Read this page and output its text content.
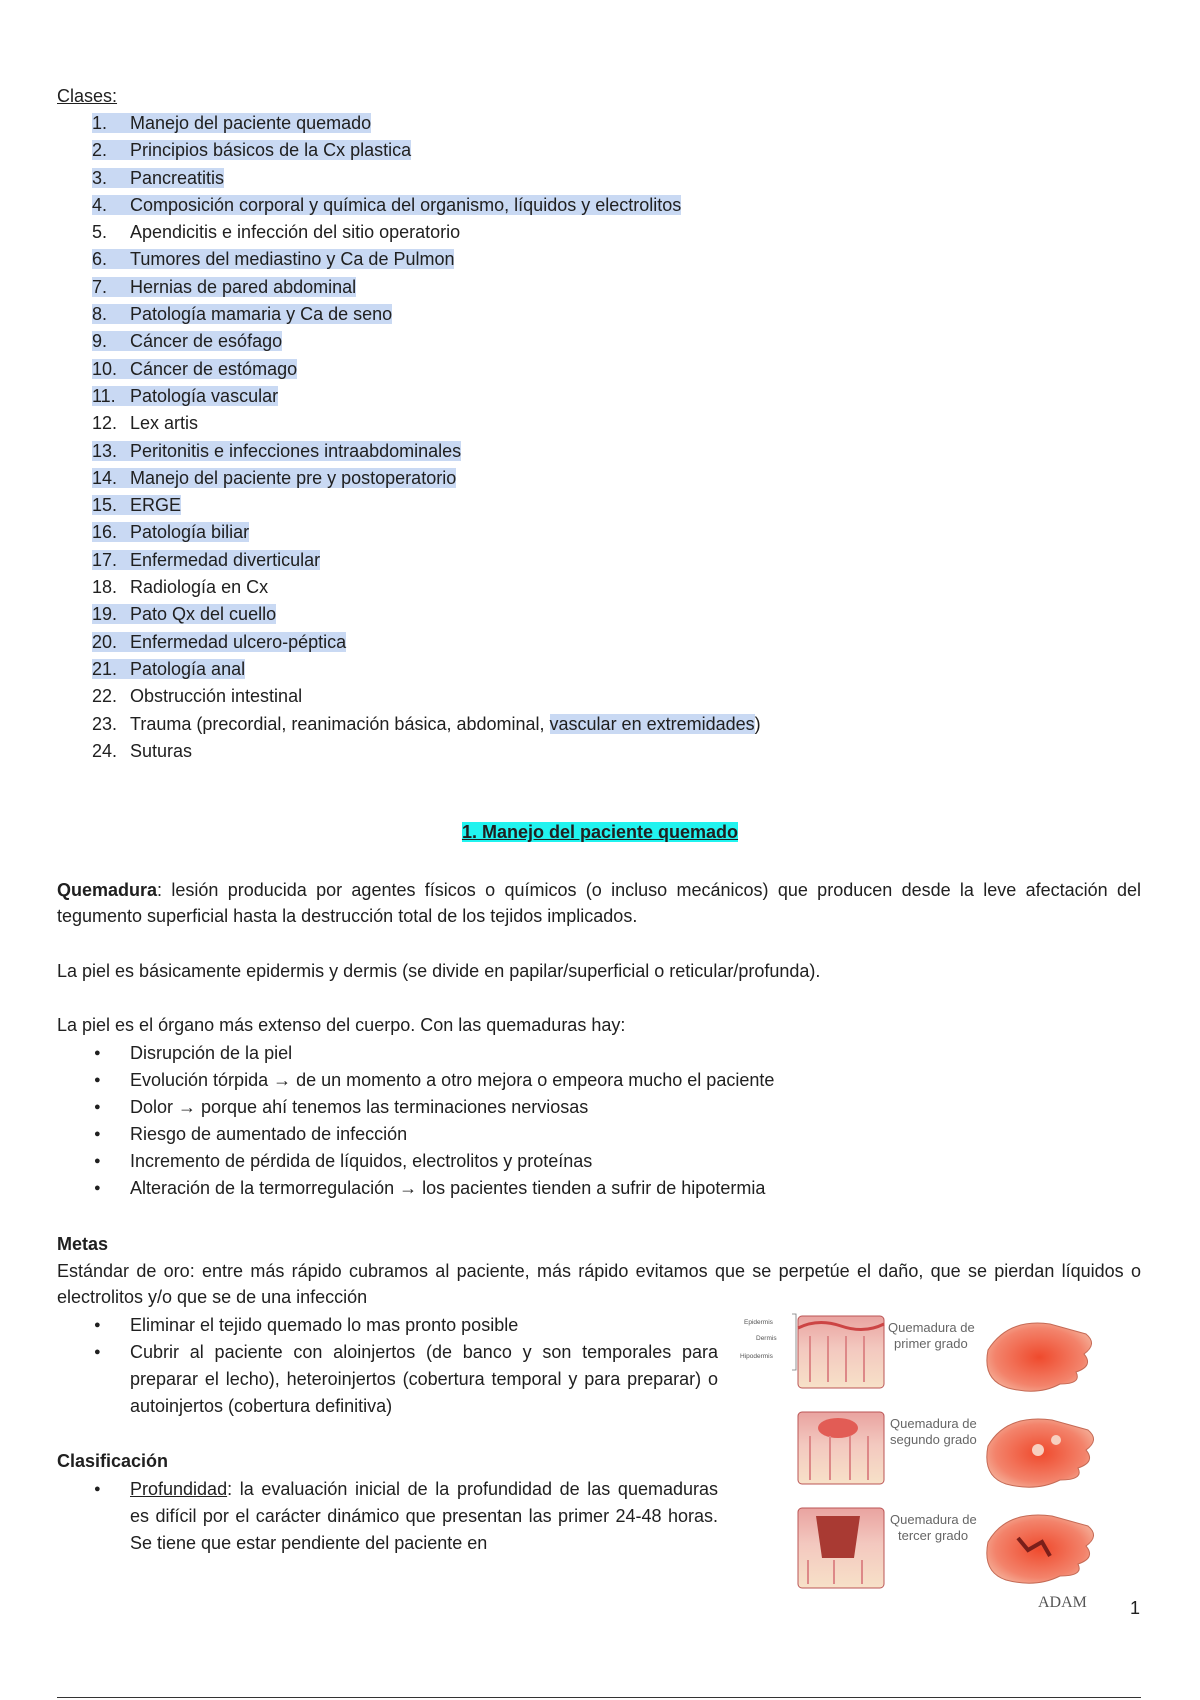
Clases:
1. Manejo del paciente quemado
2. Principios básicos de la Cx plastica
3. Pancreatitis
4. Composición corporal y química del organismo, líquidos y electrolitos
5. Apendicitis e infección del sitio operatorio
6. Tumores del mediastino y Ca de Pulmon
7. Hernias de pared abdominal
8. Patología mamaria y Ca de seno
9. Cáncer de esófago
10. Cáncer de estómago
11. Patología vascular
12. Lex artis
13. Peritonitis e infecciones intraabdominales
14. Manejo del paciente pre y postoperatorio
15. ERGE
16. Patología biliar
17. Enfermedad diverticular
18. Radiología en Cx
19. Pato Qx del cuello
20. Enfermedad ulcero-péptica
21. Patología anal
22. Obstrucción intestinal
23. Trauma (precordial, reanimación básica, abdominal, vascular en extremidades)
24. Suturas
1. Manejo del paciente quemado

Quemadura: lesión producida por agentes físicos o químicos (o incluso mecánicos) que producen desde la leve afectación del tegumento superficial hasta la destrucción total de los tejidos implicados.

La piel es básicamente epidermis y dermis (se divide en papilar/superficial o reticular/profunda).

La piel es el órgano más extenso del cuerpo. Con las quemaduras hay:

● Disrupción de la piel
● Evolución tórpida → de un momento a otro mejora o empeora mucho el paciente
● Dolor → porque ahí tenemos las terminaciones nerviosas
● Riesgo de aumentado de infección
● Incremento de pérdida de líquidos, electrolitos y proteínas
● Alteración de la termorregulación → los pacientes tienden a sufrir de hipotermia

Metas

Estándar de oro: entre más rápido cubramos al paciente, más rápido evitamos que se perpetúe el daño, que se pierdan líquidos o electrolitos y/o que se de una infección

● Eliminar el tejido quemado lo mas pronto posible
● Cubrir al paciente con aloinjertos (de banco y son temporales para preparar el lecho), heteroinjertos (cobertura temporal y para preparar) o autoinjertos (cobertura definitiva)

Clasificación

● Profundidad: la evaluación inicial de la profundidad de las quemaduras es difícil por el carácter dinámico que presentan las primer 24-48 horas. Se tiene que estar pendiente del paciente en
Epidermis
Dermis
Hipodermis
Quemadura de
primer grado
Quemadura de
segundo grado
Quemadura de
tercer grado
ADAM 1
